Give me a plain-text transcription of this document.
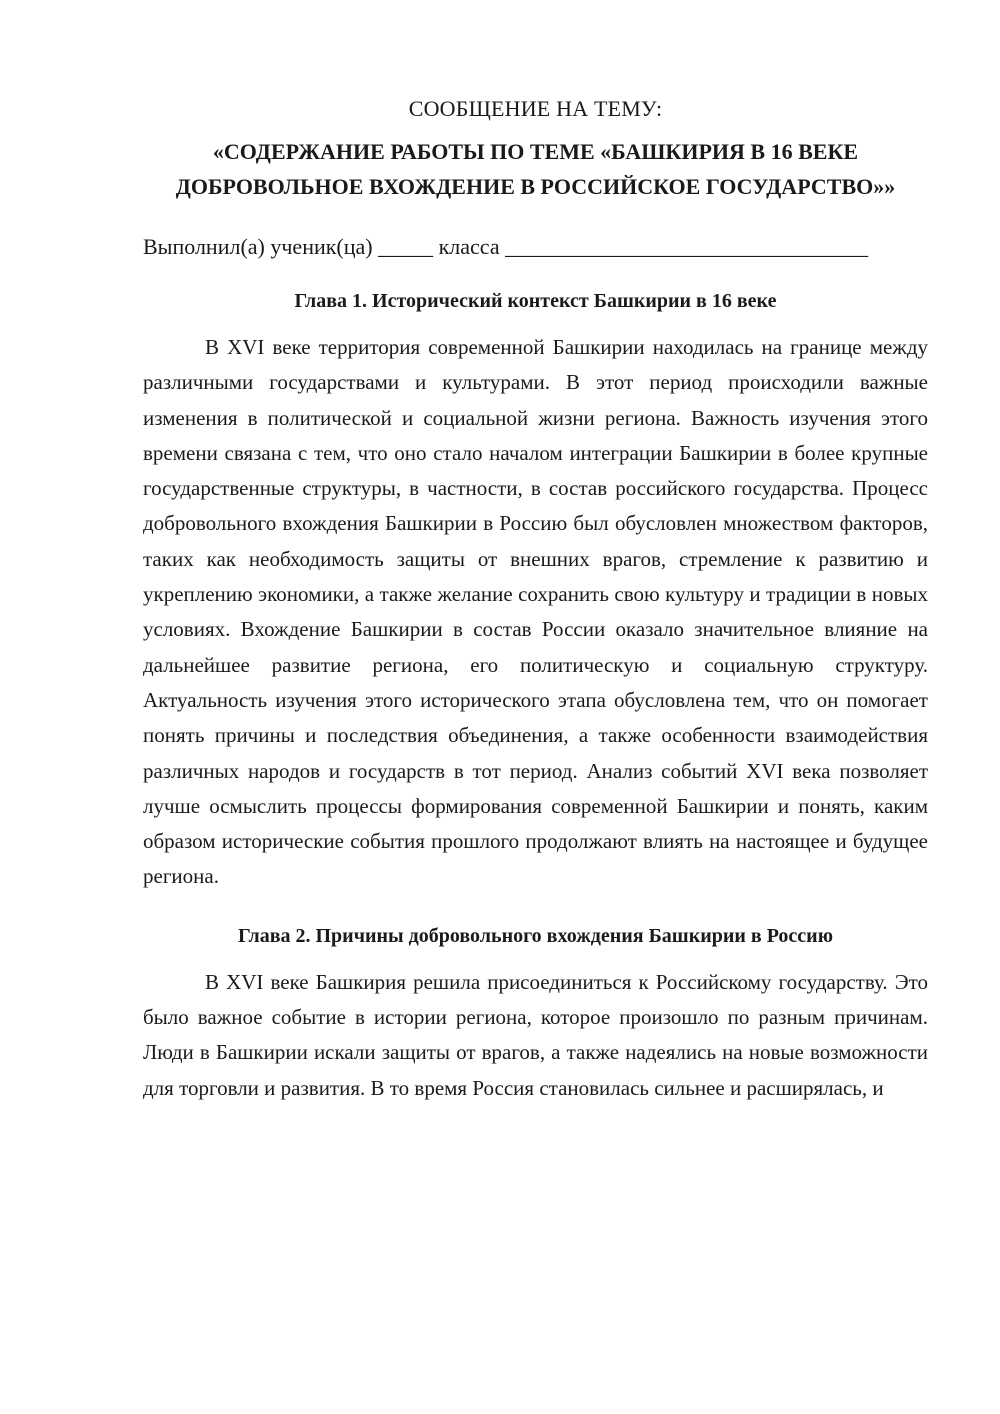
СООБЩЕНИЕ НА ТЕМУ:
«СОДЕРЖАНИЕ РАБОТЫ ПО ТЕМЕ «БАШКИРИЯ В 16 ВЕКЕ ДОБРОВОЛЬНОЕ ВХОЖДЕНИЕ В РОССИЙСКОЕ ГОСУДАРСТВО»»
Выполнил(а) ученик(ца) _____ класса _________________________________
Глава 1. Исторический контекст Башкирии в 16 веке

В XVI веке территория современной Башкирии находилась на границе между различными государствами и культурами. В этот период происходили важные изменения в политической и социальной жизни региона. Важность изучения этого времени связана с тем, что оно стало началом интеграции Башкирии в более крупные государственные структуры, в частности, в состав российского государства. Процесс добровольного вхождения Башкирии в Россию был обусловлен множеством факторов, таких как необходимость защиты от внешних врагов, стремление к развитию и укреплению экономики, а также желание сохранить свою культуру и традиции в новых условиях. Вхождение Башкирии в состав России оказало значительное влияние на дальнейшее развитие региона, его политическую и социальную структуру. Актуальность изучения этого исторического этапа обусловлена тем, что он помогает понять причины и последствия объединения, а также особенности взаимодействия различных народов и государств в тот период. Анализ событий XVI века позволяет лучше осмыслить процессы формирования современной Башкирии и понять, каким образом исторические события прошлого продолжают влиять на настоящее и будущее региона.

Глава 2. Причины добровольного вхождения Башкирии в Россию

В XVI веке Башкирия решила присоединиться к Российскому государству. Это было важное событие в истории региона, которое произошло по разным причинам. Люди в Башкирии искали защиты от врагов, а также надеялись на новые возможности для торговли и развития. В то время Россия становилась сильнее и расширялась, и
